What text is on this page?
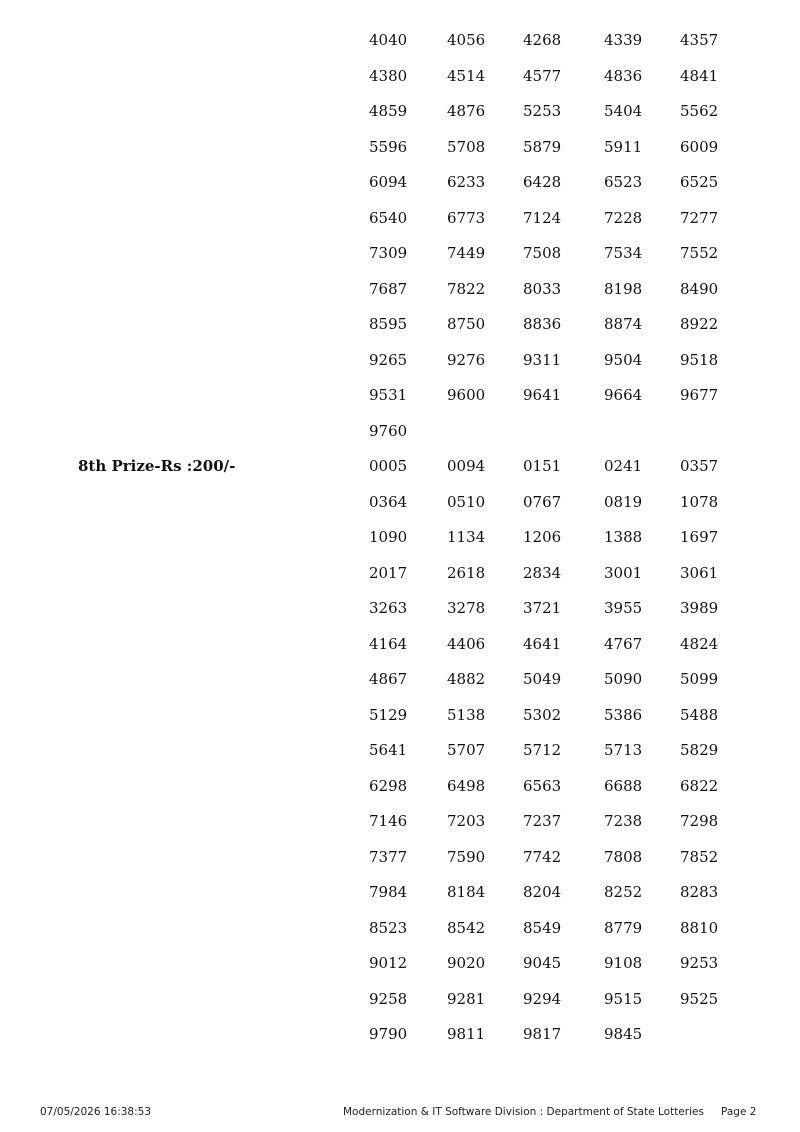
4040	4056	4268	4339	4357
4380	4514	4577	4836	4841
4859	4876	5253	5404	5562
5596	5708	5879	5911	6009
6094	6233	6428	6523	6525
6540	6773	7124	7228	7277
7309	7449	7508	7534	7552
7687	7822	8033	8198	8490
8595	8750	8836	8874	8922
9265	9276	9311	9504	9518
9531	9600	9641	9664	9677
9760
8th Prize-Rs :200/-	0005	0094	0151	0241	0357
0364	0510	0767	0819	1078
1090	1134	1206	1388	1697
2017	2618	2834	3001	3061
3263	3278	3721	3955	3989
4164	4406	4641	4767	4824
4867	4882	5049	5090	5099
5129	5138	5302	5386	5488
5641	5707	5712	5713	5829
6298	6498	6563	6688	6822
7146	7203	7237	7238	7298
7377	7590	7742	7808	7852
7984	8184	8204	8252	8283
8523	8542	8549	8779	8810
9012	9020	9045	9108	9253
9258	9281	9294	9515	9525
9790	9811	9817	9845
07/05/2026 16:38:53	Modernization & IT Software Division : Department of State Lotteries Page 2
